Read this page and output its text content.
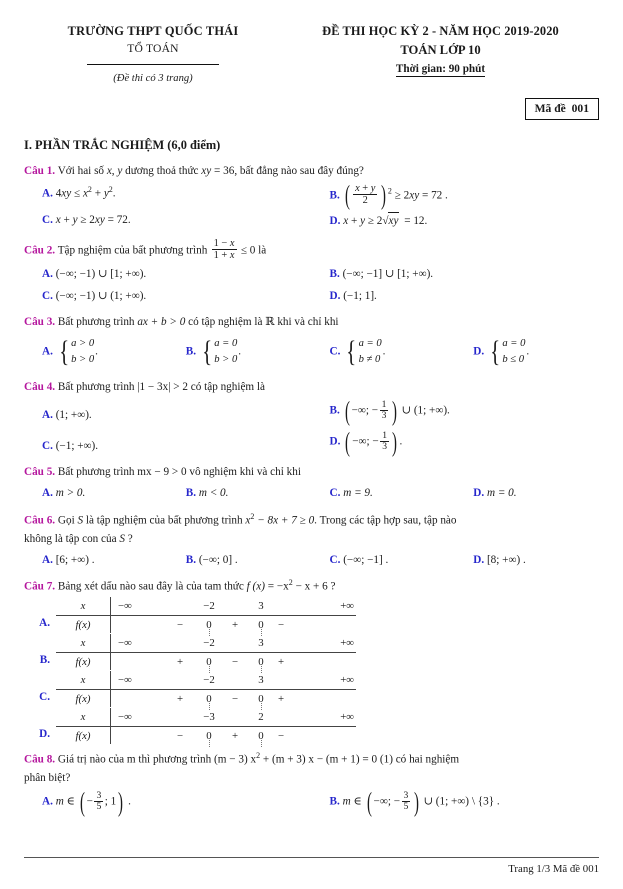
TRƯỜNG THPT QUỐC THÁI
TỔ TOÁN
(Đề thi có 3 trang)
ĐỀ THI HỌC KỲ 2 - NĂM HỌC 2019-2020
TOÁN LỚP 10
Thời gian: 90 phút
Mã đề 001
I. PHẦN TRẮC NGHIỆM (6,0 điểm)
Câu 1. Với hai số x, y dương thoả thức xy = 36, bất đẳng nào sau đây đúng?
A. $4xy \le x^2 + y^2$.	B. ( $\frac{x + y}{2}$ ) $^2$ ≥ 2xy = 72 .
C. x + y ≥ 2xy = 72.	D. x + y ≥ 2√xy = 12.
Câu 2. Tập nghiệm của bất phương trình $\frac{1 - x}{1 + x} \le 0$ là
A. (−∞; −1) ∪ [1; +∞).	B. (−∞; −1] ∪ [1; +∞).
C. (−∞; −1) ∪ (1; +∞).	D. (−1; 1].
Câu 3. Bất phương trình ax + b > 0 có tập nghiệm là ℝ khi và chỉ khi
A. { a > 0
b > 0
.	B. { a = 0
b > 0
.	C. { a = 0
b ≠ 0
.	D. { a = 0
b ≤ 0
.
Câu 4. Bất phương trình |1 − 3x| > 2 có tập nghiệm là
A. (1; +∞).	B. ( −∞; − $\frac{1}{3}$ ) ∪ (1; +∞).
C. (−1; +∞).	D. ( −∞; − $\frac{1}{3}$ ) .
Câu 5. Bất phương trình mx − 9 > 0 vô nghiệm khi và chỉ khi
A. m > 0.	B. m < 0.	C. m = 9.	D. m = 0.
Câu 6. Gọi S là tập nghiệm của bất phương trình $x^2 - 8x + 7 \ge 0$. Trong các tập hợp sau, tập nào
không là tập con của S ?
A. [6; +∞) .	B. (−∞; 0] .	C. (−∞; −1] .	D. [8; +∞) .
Câu 7. Bảng xét dấu nào sau đây là của tam thức f $(x) = -x^2 - x + 6$ ?
A.
x	−∞		−2		3		+∞
f(x)		−	0	+	0	−	
B.
x	−∞		−2		3		+∞
f(x)		+	0	−	0	+	
C.
x	−∞		−2		3		+∞
f(x)		+	0	−	0	+	
D.
x	−∞		−3		2		+∞
f(x)		−	0	+	0	−	
Câu 8. Giá trị nào của m thì phương trình (m − 3) $x^2 + (m + 3) x - (m + 1) = 0$ (1) có hai nghiệm
phân biệt?
A. m ∈ ( − $\frac{3}{5}$ ; 1) .	B. m ∈ ( −∞; − $\frac{3}{5}$ ) ∪ (1; +∞) \ {3} .
Trang 1/3 Mã đề 001
